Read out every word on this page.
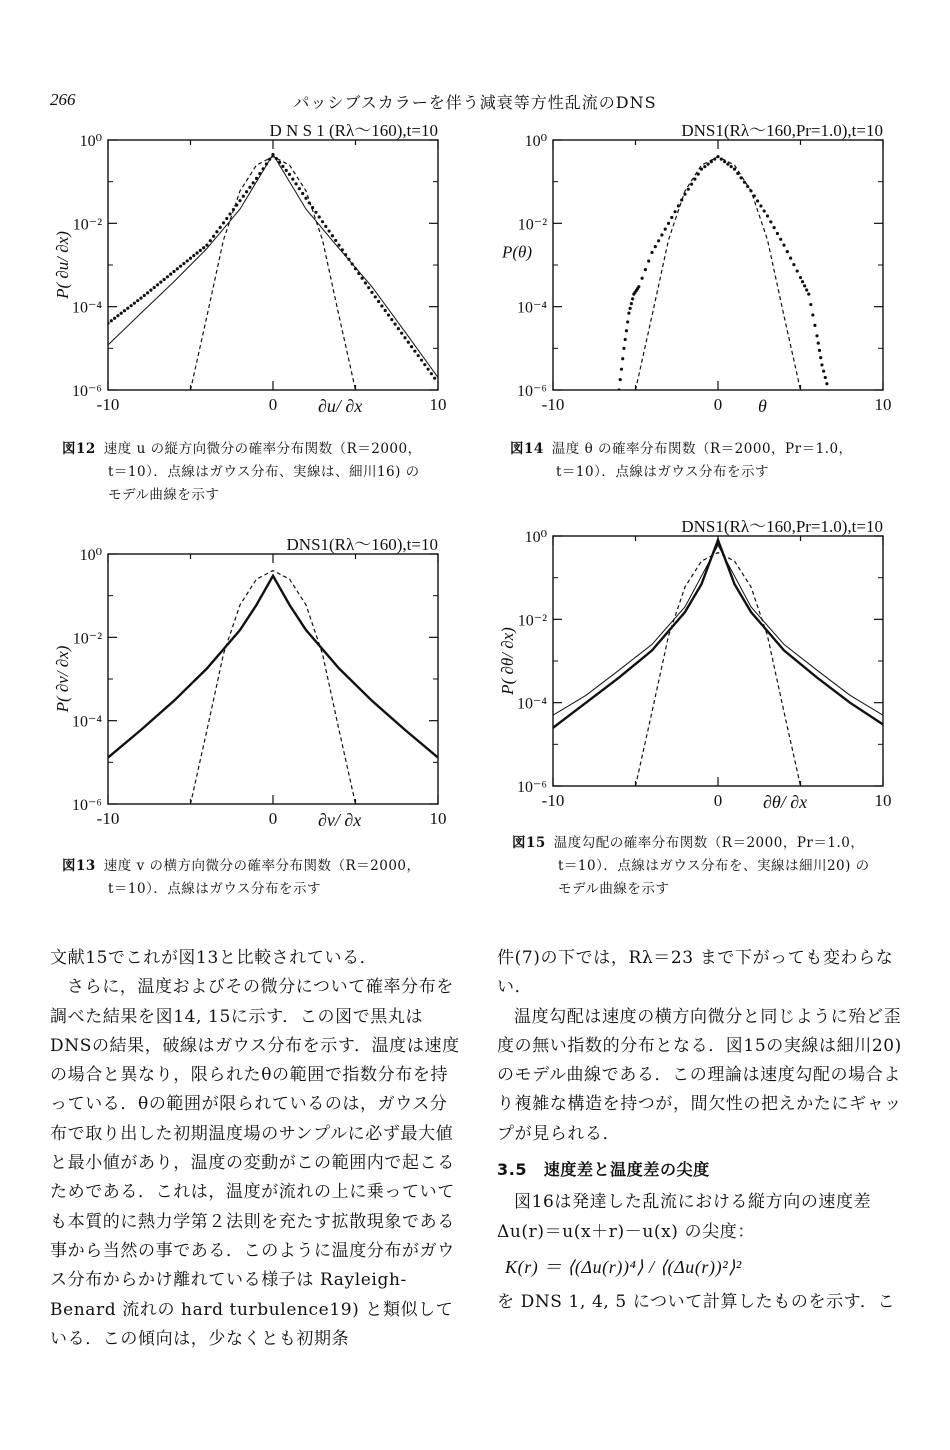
266	パッシブスカラーを伴う減衰等方性乱流のDNS
D N S 1 (Rλ〜160),t=10
10⁰
10⁻²
10⁻⁴
10⁻⁶
-10	0	10
∂u/ ∂x
P( ∂u/ ∂x)
図12 速度 u の縦方向微分の確率分布関数（R＝2000，
t＝10）．点線はガウス分布、実線は、細川16) の
モデル曲線を示す
DNS1(Rλ〜160,Pr=1.0),t=10
10⁰
10⁻²
10⁻⁴
10⁻⁶
-10	0	10
θ
P(θ)
図14 温度 θ の確率分布関数（R＝2000，Pr＝1.0，
t＝10）．点線はガウス分布を示す
DNS1(Rλ〜160),t=10
10⁰
10⁻²
10⁻⁴
10⁻⁶
-10	0	10
∂v/ ∂x
P( ∂v/ ∂x)
図13 速度 v の横方向微分の確率分布関数（R＝2000，
t＝10）．点線はガウス分布を示す
DNS1(Rλ〜160,Pr=1.0),t=10
10⁰
10⁻²
10⁻⁴
10⁻⁶
-10	0	10
∂θ/ ∂x
P( ∂θ/ ∂x)
図15 温度勾配の確率分布関数（R＝2000，Pr＝1.0，
t＝10）．点線はガウス分布を、実線は細川20) の
モデル曲線を示す

文献15でこれが図13と比較されている．

さらに，温度およびその微分について確率分布を調べた結果を図14, 15に示す．この図で黒丸はDNSの結果，破線はガウス分布を示す．温度は速度の場合と異なり，限られたθの範囲で指数分布を持っている．θの範囲が限られているのは，ガウス分布で取り出した初期温度場のサンプルに必ず最大値と最小値があり，温度の変動がこの範囲内で起こるためである．これは，温度が流れの上に乗っていても本質的に熱力学第２法則を充たす拡散現象である事から当然の事である．このように温度分布がガウス分布からかけ離れている様子は Rayleigh-Benard 流れの hard turbulence19) と類似している．この傾向は，少なくとも初期条

件(7)の下では，Rλ＝23 まで下がっても変わらない．

温度勾配は速度の横方向微分と同じように殆ど歪度の無い指数的分布となる．図15の実線は細川20) のモデル曲線である．この理論は速度勾配の場合より複雑な構造を持つが，間欠性の把えかたにギャップが見られる．

3.5　速度差と温度差の尖度

図16は発達した乱流における縦方向の速度差 Δu(r)＝u(x＋r)－u(x) の尖度：

K(r) ＝ ⟨(Δu(r))⁴⟩ / ⟨(Δu(r))²⟩²

を DNS 1, 4, 5 について計算したものを示す．こ
